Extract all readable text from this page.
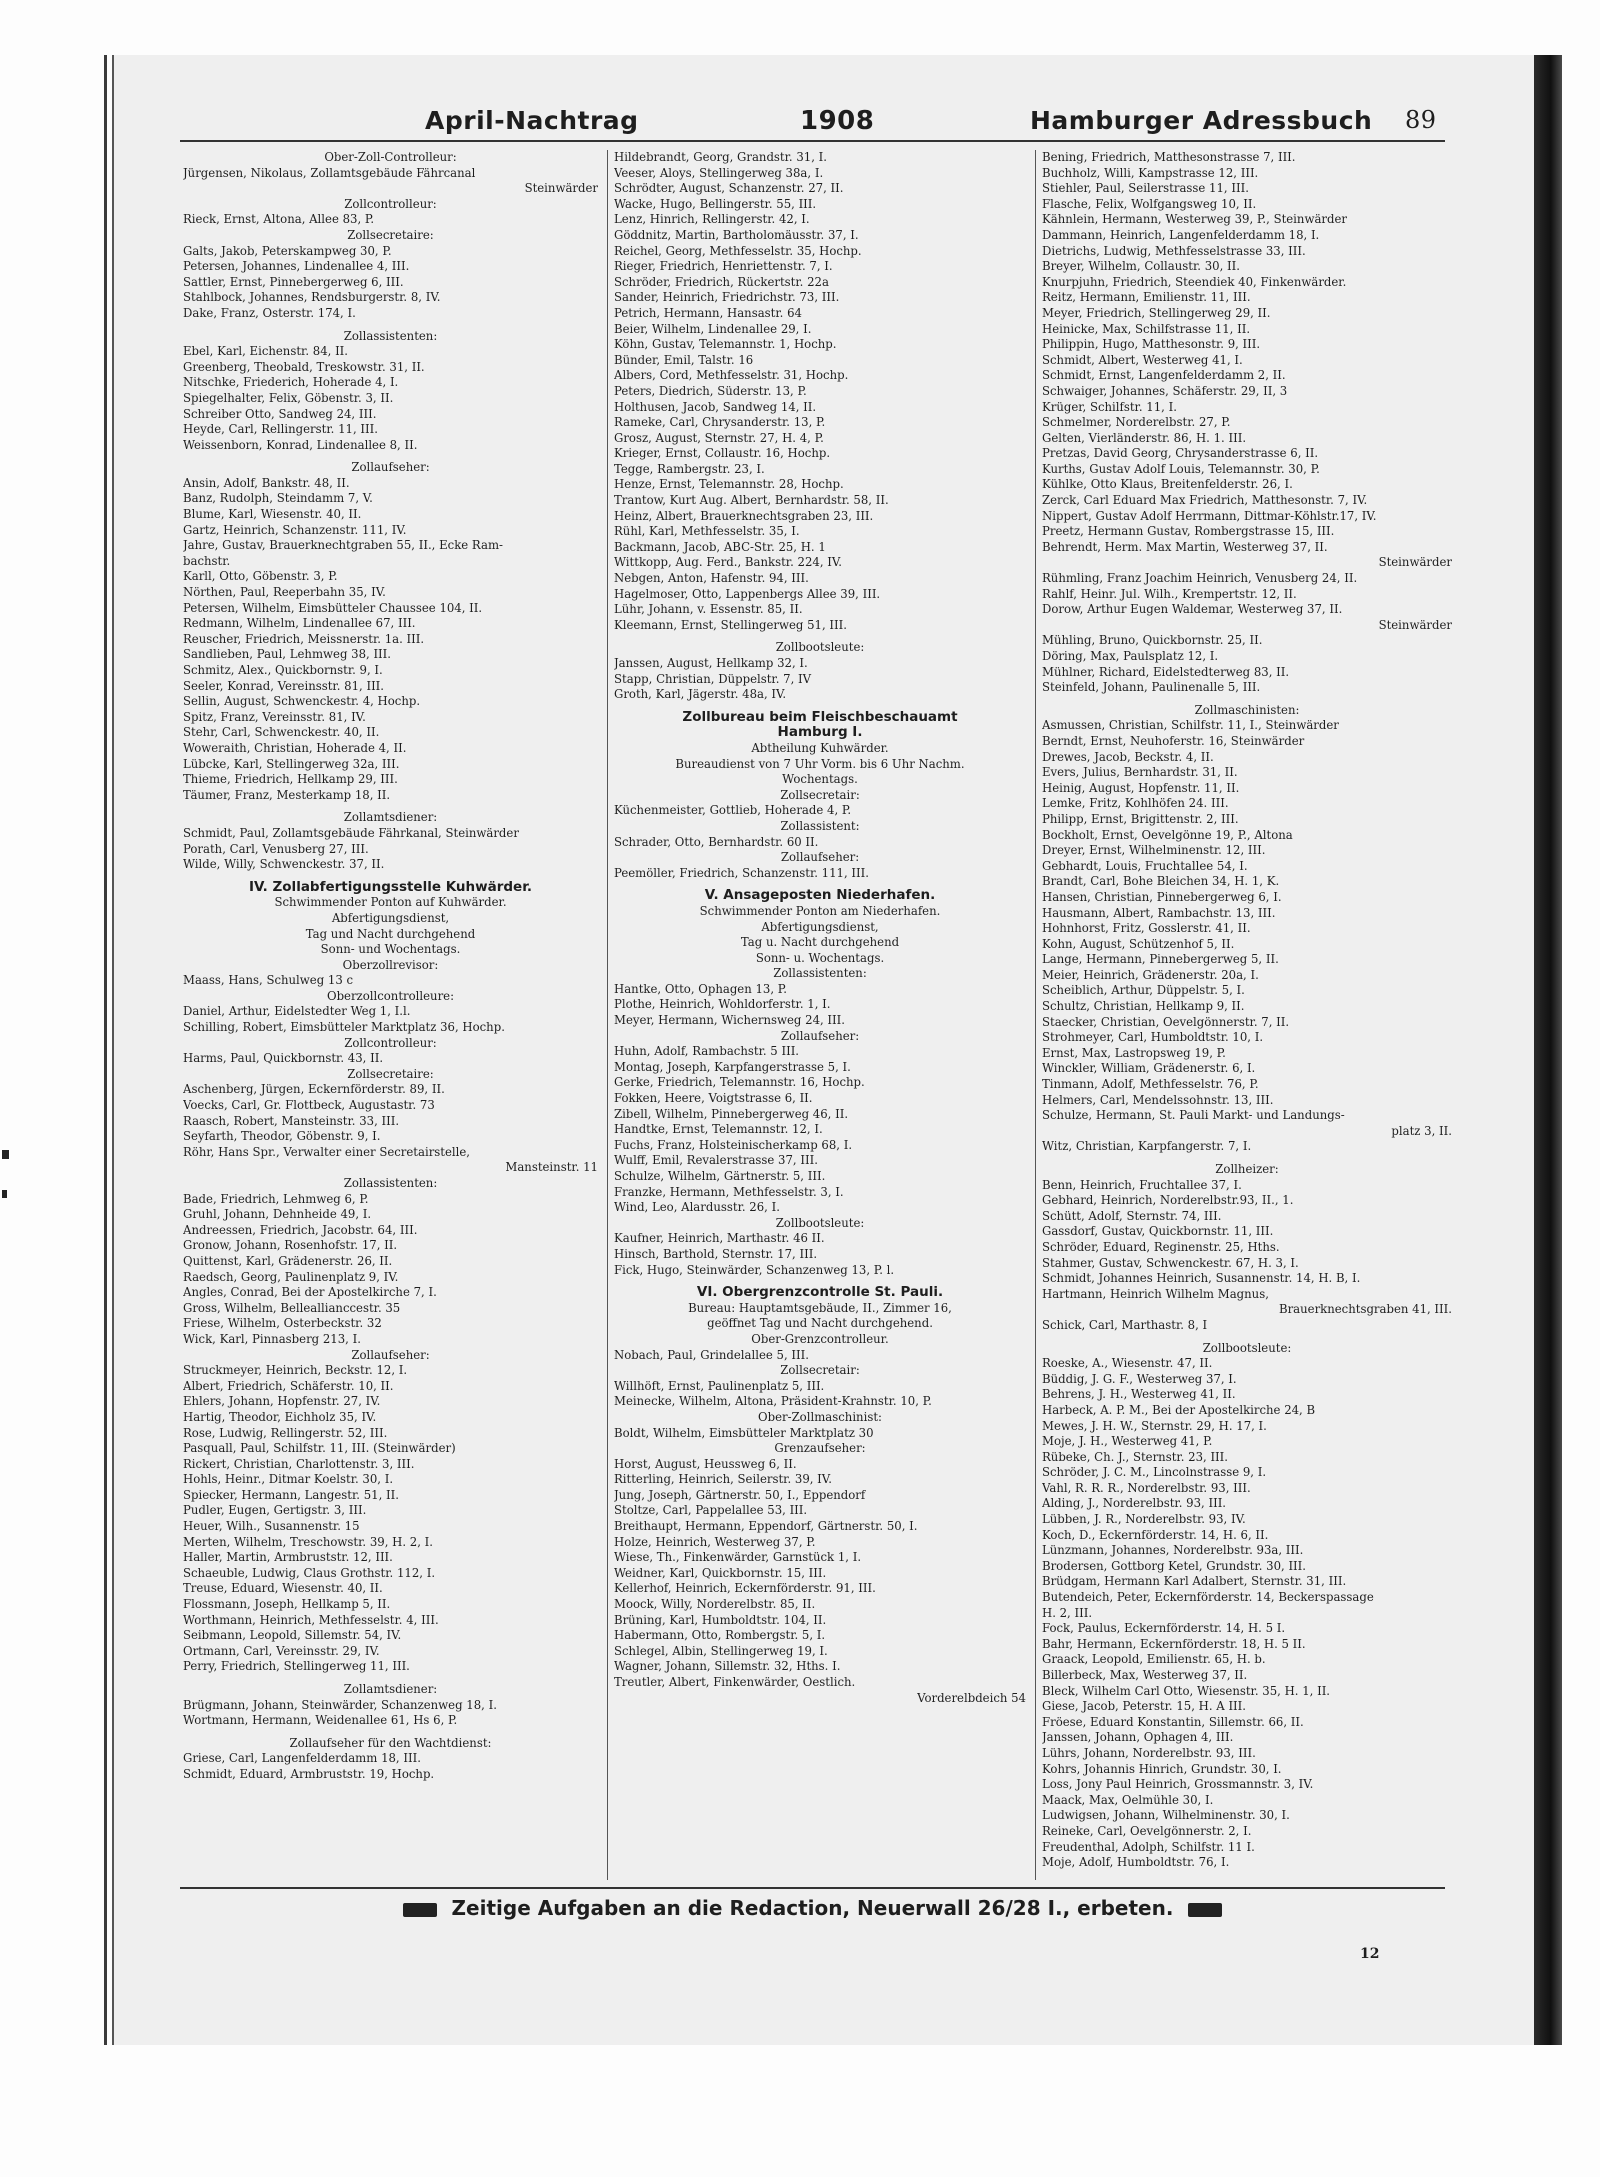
April-Nachtrag	1908	Hamburger Adressbuch 89
Ober-Zoll-Controlleur:
Jürgensen, Nikolaus, Zollamtsgebäude Fährcanal
Steinwärder
Zollcontrolleur:
Rieck, Ernst, Altona, Allee 83, P.
Zollsecretaire:
Galts, Jakob, Peterskampweg 30, P.
Petersen, Johannes, Lindenallee 4, III.
Sattler, Ernst, Pinnebergerweg 6, III.
Stahlbock, Johannes, Rendsburgerstr. 8, IV.
Dake, Franz, Osterstr. 174, I.
Zollassistenten:
Ebel, Karl, Eichenstr. 84, II.
Greenberg, Theobald, Treskowstr. 31, II.
Nitschke, Friederich, Hoherade 4, I.
Spiegelhalter, Felix, Göbenstr. 3, II.
Schreiber Otto, Sandweg 24, III.
Heyde, Carl, Rellingerstr. 11, III.
Weissenborn, Konrad, Lindenallee 8, II.
Zollaufseher:
Ansin, Adolf, Bankstr. 48, II.
Banz, Rudolph, Steindamm 7, V.
Blume, Karl, Wiesenstr. 40, II.
Gartz, Heinrich, Schanzenstr. 111, IV.
Jahre, Gustav, Brauerknechtgraben 55, II., Ecke Ram-
bachstr.
Karll, Otto, Göbenstr. 3, P.
Nörthen, Paul, Reeperbahn 35, IV.
Petersen, Wilhelm, Eimsbütteler Chaussee 104, II.
Redmann, Wilhelm, Lindenallee 67, III.
Reuscher, Friedrich, Meissnerstr. 1a. III.
Sandlieben, Paul, Lehmweg 38, III.
Schmitz, Alex., Quickbornstr. 9, I.
Seeler, Konrad, Vereinsstr. 81, III.
Sellin, August, Schwenckestr. 4, Hochp.
Spitz, Franz, Vereinsstr. 81, IV.
Stehr, Carl, Schwenckestr. 40, II.
Woweraith, Christian, Hoherade 4, II.
Lübcke, Karl, Stellingerweg 32a, III.
Thieme, Friedrich, Hellkamp 29, III.
Täumer, Franz, Mesterkamp 18, II.
Zollamtsdiener:
Schmidt, Paul, Zollamtsgebäude Fährkanal, Steinwärder
Porath, Carl, Venusberg 27, III.
Wilde, Willy, Schwenckestr. 37, II.
IV. Zollabfertigungsstelle Kuhwärder.
Schwimmender Ponton auf Kuhwärder.
Abfertigungsdienst,
Tag und Nacht durchgehend
Sonn- und Wochentags.
Oberzollrevisor:
Maass, Hans, Schulweg 13 c
Oberzollcontrolleure:
Daniel, Arthur, Eidelstedter Weg 1, I.l.
Schilling, Robert, Eimsbütteler Marktplatz 36, Hochp.
Zollcontrolleur:
Harms, Paul, Quickbornstr. 43, II.
Zollsecretaire:
Aschenberg, Jürgen, Eckernförderstr. 89, II.
Voecks, Carl, Gr. Flottbeck, Augustastr. 73
Raasch, Robert, Mansteinstr. 33, III.
Seyfarth, Theodor, Göbenstr. 9, I.
Röhr, Hans Spr., Verwalter einer Secretairstelle,
Mansteinstr. 11
Zollassistenten:
Bade, Friedrich, Lehmweg 6, P.
Gruhl, Johann, Dehnheide 49, I.
Andreessen, Friedrich, Jacobstr. 64, III.
Gronow, Johann, Rosenhofstr. 17, II.
Quittenst, Karl, Grädenerstr. 26, II.
Raedsch, Georg, Paulinenplatz 9, IV.
Angles, Conrad, Bei der Apostelkirche 7, I.
Gross, Wilhelm, Belleallianccestr. 35
Friese, Wilhelm, Osterbeckstr. 32
Wick, Karl, Pinnasberg 213, I.
Zollaufseher:
Struckmeyer, Heinrich, Beckstr. 12, I.
Albert, Friedrich, Schäferstr. 10, II.
Ehlers, Johann, Hopfenstr. 27, IV.
Hartig, Theodor, Eichholz 35, IV.
Rose, Ludwig, Rellingerstr. 52, III.
Pasquall, Paul, Schilfstr. 11, III. (Steinwärder)
Rickert, Christian, Charlottenstr. 3, III.
Hohls, Heinr., Ditmar Koelstr. 30, I.
Spiecker, Hermann, Langestr. 51, II.
Pudler, Eugen, Gertigstr. 3, III.
Heuer, Wilh., Susannenstr. 15
Merten, Wilhelm, Treschowstr. 39, H. 2, I.
Haller, Martin, Armbruststr. 12, III.
Schaeuble, Ludwig, Claus Grothstr. 112, I.
Treuse, Eduard, Wiesenstr. 40, II.
Flossmann, Joseph, Hellkamp 5, II.
Worthmann, Heinrich, Methfesselstr. 4, III.
Seibmann, Leopold, Sillemstr. 54, IV.
Ortmann, Carl, Vereinsstr. 29, IV.
Perry, Friedrich, Stellingerweg 11, III.
Zollamtsdiener:
Brügmann, Johann, Steinwärder, Schanzenweg 18, I.
Wortmann, Hermann, Weidenallee 61, Hs 6, P.
Zollaufseher für den Wachtdienst:
Griese, Carl, Langenfelderdamm 18, III.
Schmidt, Eduard, Armbruststr. 19, Hochp.
Hildebrandt, Georg, Grandstr. 31, I.
Veeser, Aloys, Stellingerweg 38a, I.
Schrödter, August, Schanzenstr. 27, II.
Wacke, Hugo, Bellingerstr. 55, III.
Lenz, Hinrich, Rellingerstr. 42, I.
Göddnitz, Martin, Bartholomäusstr. 37, I.
Reichel, Georg, Methfesselstr. 35, Hochp.
Rieger, Friedrich, Henriettenstr. 7, I.
Schröder, Friedrich, Rückertstr. 22a
Sander, Heinrich, Friedrichstr. 73, III.
Petrich, Hermann, Hansastr. 64
Beier, Wilhelm, Lindenallee 29, I.
Köhn, Gustav, Telemannstr. 1, Hochp.
Bünder, Emil, Talstr. 16
Albers, Cord, Methfesselstr. 31, Hochp.
Peters, Diedrich, Süderstr. 13, P.
Holthusen, Jacob, Sandweg 14, II.
Rameke, Carl, Chrysanderstr. 13, P.
Grosz, August, Sternstr. 27, H. 4, P.
Krieger, Ernst, Collaustr. 16, Hochp.
Tegge, Rambergstr. 23, I.
Henze, Ernst, Telemannstr. 28, Hochp.
Trantow, Kurt Aug. Albert, Bernhardstr. 58, II.
Heinz, Albert, Brauerknechtsgraben 23, III.
Rühl, Karl, Methfesselstr. 35, I.
Backmann, Jacob, ABC-Str. 25, H. 1
Wittkopp, Aug. Ferd., Bankstr. 224, IV.
Nebgen, Anton, Hafenstr. 94, III.
Hagelmoser, Otto, Lappenbergs Allee 39, III.
Lühr, Johann, v. Essenstr. 85, II.
Kleemann, Ernst, Stellingerweg 51, III.
Zollbootsleute:
Janssen, August, Hellkamp 32, I.
Stapp, Christian, Düppelstr. 7, IV
Groth, Karl, Jägerstr. 48a, IV.
Zollbureau beim Fleischbeschauamt
Hamburg I.
Abtheilung Kuhwärder.
Bureaudienst von 7 Uhr Vorm. bis 6 Uhr Nachm.
Wochentags.
Zollsecretair:
Küchenmeister, Gottlieb, Hoherade 4, P.
Zollassistent:
Schrader, Otto, Bernhardstr. 60 II.
Zollaufseher:
Peemöller, Friedrich, Schanzenstr. 111, III.
V. Ansageposten Niederhafen.
Schwimmender Ponton am Niederhafen.
Abfertigungsdienst,
Tag u. Nacht durchgehend
Sonn- u. Wochentags.
Zollassistenten:
Hantke, Otto, Ophagen 13, P.
Plothe, Heinrich, Wohldorferstr. 1, I.
Meyer, Hermann, Wichernsweg 24, III.
Zollaufseher:
Huhn, Adolf, Rambachstr. 5 III.
Montag, Joseph, Karpfangerstrasse 5, I.
Gerke, Friedrich, Telemannstr. 16, Hochp.
Fokken, Heere, Voigtstrasse 6, II.
Zibell, Wilhelm, Pinnebergerweg 46, II.
Handtke, Ernst, Telemannstr. 12, I.
Fuchs, Franz, Holsteinischerkamp 68, I.
Wulff, Emil, Revalerstrasse 37, III.
Schulze, Wilhelm, Gärtnerstr. 5, III.
Franzke, Hermann, Methfesselstr. 3, I.
Wind, Leo, Alardusstr. 26, I.
Zollbootsleute:
Kaufner, Heinrich, Marthastr. 46 II.
Hinsch, Barthold, Sternstr. 17, III.
Fick, Hugo, Steinwärder, Schanzenweg 13, P. l.
VI. Obergrenzcontrolle St. Pauli.
Bureau: Hauptamtsgebäude, II., Zimmer 16,
geöffnet Tag und Nacht durchgehend.
Ober-Grenzcontrolleur.
Nobach, Paul, Grindelallee 5, III.
Zollsecretair:
Willhöft, Ernst, Paulinenplatz 5, III.
Meinecke, Wilhelm, Altona, Präsident-Krahnstr. 10, P.
Ober-Zollmaschinist:
Boldt, Wilhelm, Eimsbütteler Marktplatz 30
Grenzaufseher:
Horst, August, Heussweg 6, II.
Ritterling, Heinrich, Seilerstr. 39, IV.
Jung, Joseph, Gärtnerstr. 50, I., Eppendorf
Stoltze, Carl, Pappelallee 53, III.
Breithaupt, Hermann, Eppendorf, Gärtnerstr. 50, I.
Holze, Heinrich, Westerweg 37, P.
Wiese, Th., Finkenwärder, Garnstück 1, I.
Weidner, Karl, Quickbornstr. 15, III.
Kellerhof, Heinrich, Eckernförderstr. 91, III.
Moock, Willy, Norderelbstr. 85, II.
Brüning, Karl, Humboldtstr. 104, II.
Habermann, Otto, Rombergstr. 5, I.
Schlegel, Albin, Stellingerweg 19, I.
Wagner, Johann, Sillemstr. 32, Hths. I.
Treutler, Albert, Finkenwärder, Oestlich.
Vorderelbdeich 54
Bening, Friedrich, Matthesonstrasse 7, III.
Buchholz, Willi, Kampstrasse 12, III.
Stiehler, Paul, Seilerstrasse 11, III.
Flasche, Felix, Wolfgangsweg 10, II.
Kähnlein, Hermann, Westerweg 39, P., Steinwärder
Dammann, Heinrich, Langenfelderdamm 18, I.
Dietrichs, Ludwig, Methfesselstrasse 33, III.
Breyer, Wilhelm, Collaustr. 30, II.
Knurpjuhn, Friedrich, Steendiek 40, Finkenwärder.
Reitz, Hermann, Emilienstr. 11, III.
Meyer, Friedrich, Stellingerweg 29, II.
Heinicke, Max, Schilfstrasse 11, II.
Philippin, Hugo, Matthesonstr. 9, III.
Schmidt, Albert, Westerweg 41, I.
Schmidt, Ernst, Langenfelderdamm 2, II.
Schwaiger, Johannes, Schäferstr. 29, II, 3
Krüger, Schilfstr. 11, I.
Schmelmer, Norderelbstr. 27, P.
Gelten, Vierländerstr. 86, H. 1. III.
Pretzas, David Georg, Chrysanderstrasse 6, II.
Kurths, Gustav Adolf Louis, Telemannstr. 30, P.
Kühlke, Otto Klaus, Breitenfelderstr. 26, I.
Zerck, Carl Eduard Max Friedrich, Matthesonstr. 7, IV.
Nippert, Gustav Adolf Herrmann, Dittmar-Köhlstr.17, IV.
Preetz, Hermann Gustav, Rombergstrasse 15, III.
Behrendt, Herm. Max Martin, Westerweg 37, II.
Steinwärder
Rühmling, Franz Joachim Heinrich, Venusberg 24, II.
Rahlf, Heinr. Jul. Wilh., Krempertstr. 12, II.
Dorow, Arthur Eugen Waldemar, Westerweg 37, II.
Steinwärder
Mühling, Bruno, Quickbornstr. 25, II.
Döring, Max, Paulsplatz 12, I.
Mühlner, Richard, Eidelstedterweg 83, II.
Steinfeld, Johann, Paulinenalle 5, III.
Zollmaschinisten:
Asmussen, Christian, Schilfstr. 11, I., Steinwärder
Berndt, Ernst, Neuhoferstr. 16, Steinwärder
Drewes, Jacob, Beckstr. 4, II.
Evers, Julius, Bernhardstr. 31, II.
Heinig, August, Hopfenstr. 11, II.
Lemke, Fritz, Kohlhöfen 24. III.
Philipp, Ernst, Brigittenstr. 2, III.
Bockholt, Ernst, Oevelgönne 19, P., Altona
Dreyer, Ernst, Wilhelminenstr. 12, III.
Gebhardt, Louis, Fruchtallee 54, I.
Brandt, Carl, Bohe Bleichen 34, H. 1, K.
Hansen, Christian, Pinnebergerweg 6, I.
Hausmann, Albert, Rambachstr. 13, III.
Hohnhorst, Fritz, Gosslerstr. 41, II.
Kohn, August, Schützenhof 5, II.
Lange, Hermann, Pinnebergerweg 5, II.
Meier, Heinrich, Grädenerstr. 20a, I.
Scheiblich, Arthur, Düppelstr. 5, I.
Schultz, Christian, Hellkamp 9, II.
Staecker, Christian, Oevelgönnerstr. 7, II.
Strohmeyer, Carl, Humboldtstr. 10, I.
Ernst, Max, Lastropsweg 19, P.
Winckler, William, Grädenerstr. 6, I.
Tinmann, Adolf, Methfesselstr. 76, P.
Helmers, Carl, Mendelssohnstr. 13, III.
Schulze, Hermann, St. Pauli Markt- und Landungs-
platz 3, II.
Witz, Christian, Karpfangerstr. 7, I.
Zollheizer:
Benn, Heinrich, Fruchtallee 37, I.
Gebhard, Heinrich, Norderelbstr.93, II., 1.
Schütt, Adolf, Sternstr. 74, III.
Gassdorf, Gustav, Quickbornstr. 11, III.
Schröder, Eduard, Reginenstr. 25, Hths.
Stahmer, Gustav, Schwenckestr. 67, H. 3, I.
Schmidt, Johannes Heinrich, Susannenstr. 14, H. B, I.
Hartmann, Heinrich Wilhelm Magnus,
Brauerknechtsgraben 41, III.
Schick, Carl, Marthastr. 8, I
Zollbootsleute:
Roeske, A., Wiesenstr. 47, II.
Büddig, J. G. F., Westerweg 37, I.
Behrens, J. H., Westerweg 41, II.
Harbeck, A. P. M., Bei der Apostelkirche 24, B
Mewes, J. H. W., Sternstr. 29, H. 17, I.
Moje, J. H., Westerweg 41, P.
Rübeke, Ch. J., Sternstr. 23, III.
Schröder, J. C. M., Lincolnstrasse 9, I.
Vahl, R. R. R., Norderelbstr. 93, III.
Alding, J., Norderelbstr. 93, III.
Lübben, J. R., Norderelbstr. 93, IV.
Koch, D., Eckernförderstr. 14, H. 6, II.
Lünzmann, Johannes, Norderelbstr. 93a, III.
Brodersen, Gottborg Ketel, Grundstr. 30, III.
Brüdgam, Hermann Karl Adalbert, Sternstr. 31, III.
Butendeich, Peter, Eckernförderstr. 14, Beckerspassage
H. 2, III.
Fock, Paulus, Eckernförderstr. 14, H. 5 I.
Bahr, Hermann, Eckernförderstr. 18, H. 5 II.
Graack, Leopold, Emilienstr. 65, H. b.
Billerbeck, Max, Westerweg 37, II.
Bleck, Wilhelm Carl Otto, Wiesenstr. 35, H. 1, II.
Giese, Jacob, Peterstr. 15, H. A III.
Fröese, Eduard Konstantin, Sillemstr. 66, II.
Janssen, Johann, Ophagen 4, III.
Lührs, Johann, Norderelbstr. 93, III.
Kohrs, Johannis Hinrich, Grundstr. 30, I.
Loss, Jony Paul Heinrich, Grossmannstr. 3, IV.
Maack, Max, Oelmühle 30, I.
Ludwigsen, Johann, Wilhelminenstr. 30, I.
Reineke, Carl, Oevelgönnerstr. 2, I.
Freudenthal, Adolph, Schilfstr. 11 I.
Moje, Adolf, Humboldtstr. 76, I.
Zeitige Aufgaben an die Redaction, Neuerwall 26/28 I., erbeten.
12
